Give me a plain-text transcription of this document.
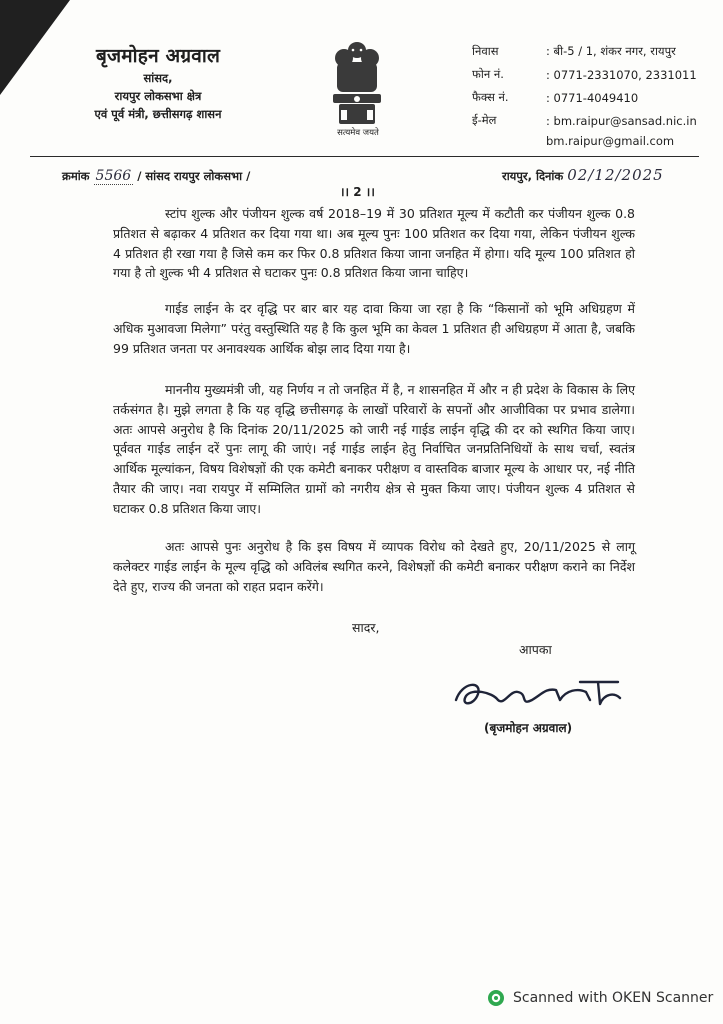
बृजमोहन अग्रवाल
सांसद,
रायपुर लोकसभा क्षेत्र
एवं पूर्व मंत्री, छत्तीसगढ़ शासन
सत्यमेव जयते
निवास	: बी-5 / 1, शंकर नगर, रायपुर
फोन नं.	: 0771-2331070, 2331011
फैक्स नं.	: 0771-4049410
ई-मेल	: bm.raipur@sansad.nic.in
bm.raipur@gmail.com
क्रमांक 5566 / सांसद रायपुर लोकसभा /	रायपुर, दिनांक 02/12/2025
।। 2 ।।

स्टांप शुल्क और पंजीयन शुल्क वर्ष 2018–19 में 30 प्रतिशत मूल्य में कटौती कर पंजीयन शुल्क 0.8 प्रतिशत से बढ़ाकर 4 प्रतिशत कर दिया गया था। अब मूल्य पुनः 100 प्रतिशत कर दिया गया, लेकिन पंजीयन शुल्क 4 प्रतिशत ही रखा गया है जिसे कम कर फिर 0.8 प्रतिशत किया जाना जनहित में होगा। यदि मूल्य 100 प्रतिशत हो गया है तो शुल्क भी 4 प्रतिशत से घटाकर पुनः 0.8 प्रतिशत किया जाना चाहिए।

गाईड लाईन के दर वृद्धि पर बार बार यह दावा किया जा रहा है कि “किसानों को भूमि अधिग्रहण में अधिक मुआवजा मिलेगा” परंतु वस्तुस्थिति यह है कि कुल भूमि का केवल 1 प्रतिशत ही अधिग्रहण में आता है, जबकि 99 प्रतिशत जनता पर अनावश्यक आर्थिक बोझ लाद दिया गया है।

माननीय मुख्यमंत्री जी, यह निर्णय न तो जनहित में है, न शासनहित में और न ही प्रदेश के विकास के लिए तर्कसंगत है। मुझे लगता है कि यह वृद्धि छत्तीसगढ़ के लाखों परिवारों के सपनों और आजीविका पर प्रभाव डालेगा। अतः आपसे अनुरोध है कि दिनांक 20/11/2025 को जारी नई गाईड लाईन वृद्धि की दर को स्थगित किया जाए। पूर्ववत गाईड लाईन दरें पुनः लागू की जाएं। नई गाईड लाईन हेतु निर्वाचित जनप्रतिनिधियों के साथ चर्चा, स्वतंत्र आर्थिक मूल्यांकन, विषय विशेषज्ञों की एक कमेटी बनाकर परीक्षण व वास्तविक बाजार मूल्य के आधार पर, नई नीति तैयार की जाए। नवा रायपुर में सम्मिलित ग्रामों को नगरीय क्षेत्र से मुक्त किया जाए। पंजीयन शुल्क 4 प्रतिशत से घटाकर 0.8 प्रतिशत किया जाए।

अतः आपसे पुनः अनुरोध है कि इस विषय में व्यापक विरोध को देखते हुए, 20/11/2025 से लागू कलेक्टर गाईड लाईन के मूल्य वृद्धि को अविलंब स्थगित करने, विशेषज्ञों की कमेटी बनाकर परीक्षण कराने का निर्देश देते हुए, राज्य की जनता को राहत प्रदान करेंगे।

सादर,
आपका
(बृजमोहन अग्रवाल)
Scanned with OKEN Scanner
